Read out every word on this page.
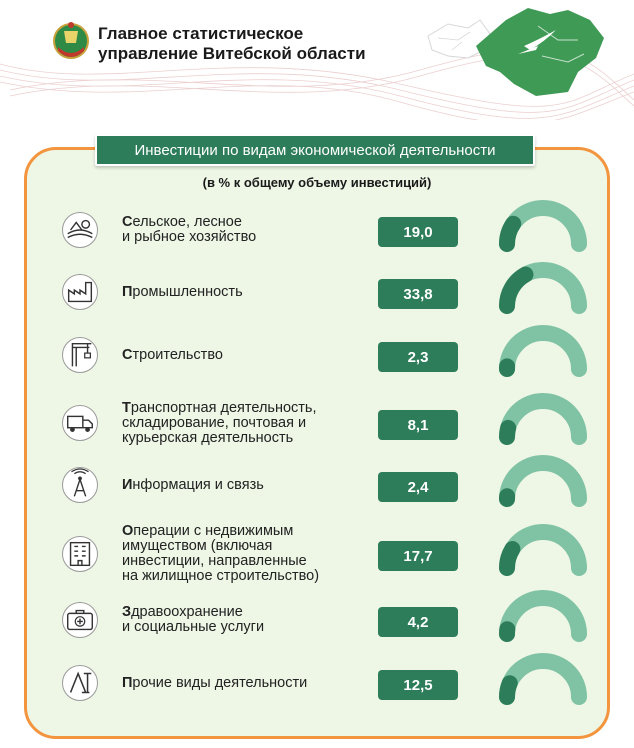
Главное статистическое
управление Витебской области
Инвестиции по видам экономической деятельности
(в % к общему объему инвестиций)
Сельское, лесное
и рыбное хозяйство	19,0
Промышленность	33,8
Строительство	2,3
Транспортная деятельность,
складирование, почтовая и
курьерская деятельность
8,1
Информация и связь	2,4
Операции с недвижимым
имуществом (включая
инвестиции, направленные
на жилищное строительство)
17,7
Здравоохранение
и социальные услуги	4,2
Прочие виды деятельности	12,5
